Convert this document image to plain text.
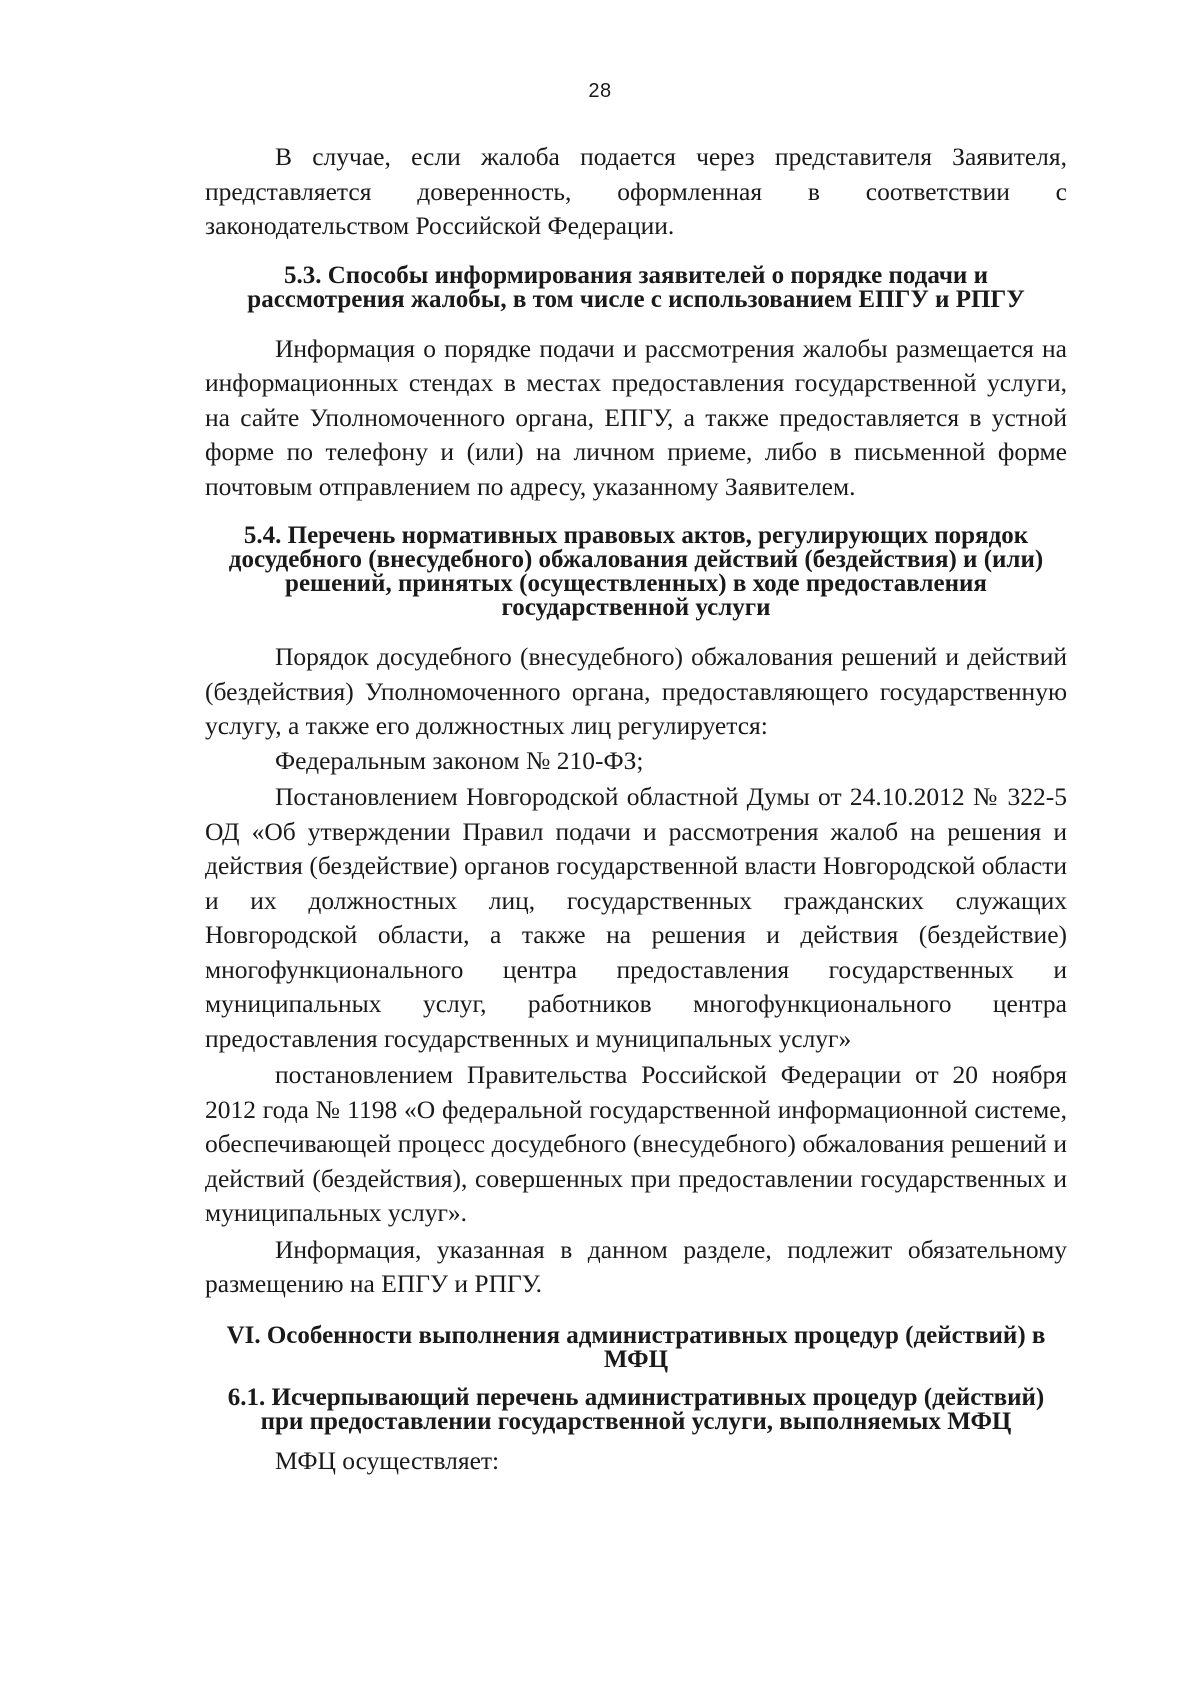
28

В случае, если жалоба подается через представителя Заявителя, представляется доверенность, оформленная в соответствии с законодательством Российской Федерации.

5.3. Способы информирования заявителей о порядке подачи и рассмотрения жалобы, в том числе с использованием ЕПГУ и РПГУ

Информация о порядке подачи и рассмотрения жалобы размещается на информационных стендах в местах предоставления государственной услуги, на сайте Уполномоченного органа, ЕПГУ, а также предоставляется в устной форме по телефону и (или) на личном приеме, либо в письменной форме почтовым отправлением по адресу, указанному Заявителем.

5.4. Перечень нормативных правовых актов, регулирующих порядок досудебного (внесудебного) обжалования действий (бездействия) и (или) решений, принятых (осуществленных) в ходе предоставления государственной услуги

Порядок досудебного (внесудебного) обжалования решений и действий (бездействия) Уполномоченного органа, предоставляющего государственную услугу, а также его должностных лиц регулируется:

Федеральным законом № 210-ФЗ;

Постановлением Новгородской областной Думы от 24.10.2012 № 322-5 ОД «Об утверждении Правил подачи и рассмотрения жалоб на решения и действия (бездействие) органов государственной власти Новгородской области и их должностных лиц, государственных гражданских служащих Новгородской области, а также на решения и действия (бездействие) многофункционального центра предоставления государственных и муниципальных услуг, работников многофункционального центра предоставления государственных и муниципальных услуг»

постановлением Правительства Российской Федерации от 20 ноября 2012 года № 1198 «О федеральной государственной информационной системе, обеспечивающей процесс досудебного (внесудебного) обжалования решений и действий (бездействия), совершенных при предоставлении государственных и муниципальных услуг».

Информация, указанная в данном разделе, подлежит обязательному размещению на ЕПГУ и РПГУ.

VI. Особенности выполнения административных процедур (действий) в МФЦ
6.1. Исчерпывающий перечень административных процедур (действий) при предоставлении государственной услуги, выполняемых МФЦ

МФЦ осуществляет:
